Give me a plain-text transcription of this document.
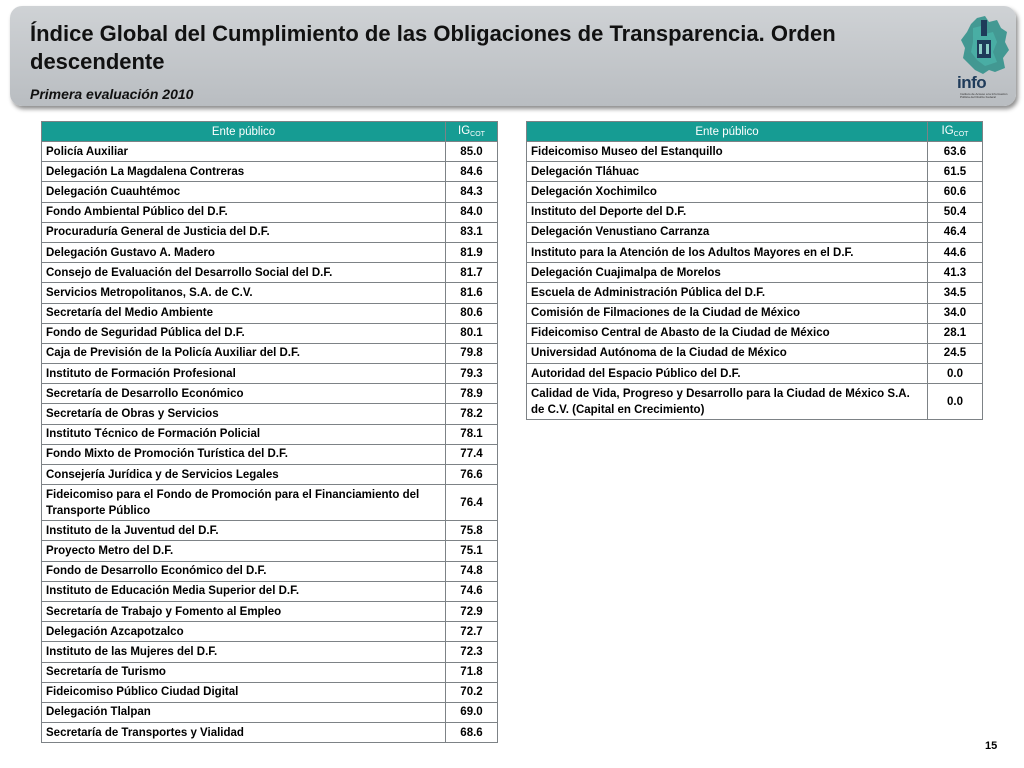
Índice Global del Cumplimiento de las Obligaciones de Transparencia. Orden descendente
Primera evaluación 2010
info
Instituto de Acceso a la Información Pública del Distrito Federal
Ente público	$IG_{COT}$
Policía Auxiliar	85.0
Delegación La Magdalena Contreras	84.6
Delegación Cuauhtémoc	84.3
Fondo Ambiental Público del D.F.	84.0
Procuraduría General de Justicia del D.F.	83.1
Delegación Gustavo A. Madero	81.9
Consejo de Evaluación del Desarrollo Social del D.F.	81.7
Servicios Metropolitanos, S.A. de C.V.	81.6
Secretaría del Medio Ambiente	80.6
Fondo de Seguridad Pública del D.F.	80.1
Caja de Previsión de la Policía Auxiliar del D.F.	79.8
Instituto de Formación Profesional	79.3
Secretaría de Desarrollo Económico	78.9
Secretaría de Obras y Servicios	78.2
Instituto Técnico de Formación Policial	78.1
Fondo Mixto de Promoción Turística del D.F.	77.4
Consejería Jurídica y de Servicios Legales	76.6
Fideicomiso para el Fondo de Promoción para el Financiamiento del Transporte Público	76.4
Instituto de la Juventud del D.F.	75.8
Proyecto Metro del D.F.	75.1
Fondo de Desarrollo Económico del D.F.	74.8
Instituto de Educación Media Superior del D.F.	74.6
Secretaría de Trabajo y Fomento al Empleo	72.9
Delegación Azcapotzalco	72.7
Instituto de las Mujeres del D.F.	72.3
Secretaría de Turismo	71.8
Fideicomiso Público Ciudad Digital	70.2
Delegación Tlalpan	69.0
Secretaría de Transportes y Vialidad	68.6
Ente público	$IG_{COT}$
Fideicomiso Museo del Estanquillo	63.6
Delegación Tláhuac	61.5
Delegación Xochimilco	60.6
Instituto del Deporte del D.F.	50.4
Delegación Venustiano Carranza	46.4
Instituto para la Atención de los Adultos Mayores en el D.F.	44.6
Delegación Cuajimalpa de Morelos	41.3
Escuela de Administración Pública del D.F.	34.5
Comisión de Filmaciones de la Ciudad de México	34.0
Fideicomiso Central de Abasto de la Ciudad de México	28.1
Universidad Autónoma de la Ciudad de México	24.5
Autoridad del Espacio Público del D.F.	0.0
Calidad de Vida, Progreso y Desarrollo para la Ciudad de México S.A. de C.V. (Capital en Crecimiento)	0.0
15
